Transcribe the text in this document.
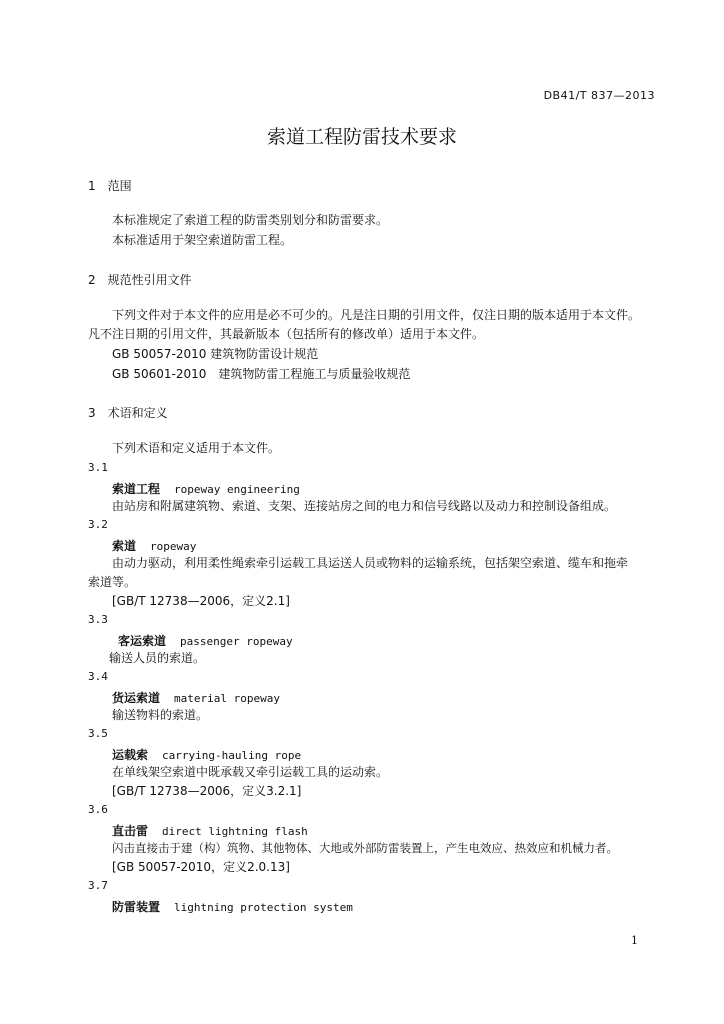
DB41/T 837—2013
索道工程防雷技术要求
1　范围
本标准规定了索道工程的防雷类别划分和防雷要求。
本标准适用于架空索道防雷工程。
2　规范性引用文件
下列文件对于本文件的应用是必不可少的。凡是注日期的引用文件，仅注日期的版本适用于本文件。
凡不注日期的引用文件，其最新版本（包括所有的修改单）适用于本文件。
GB 50057-2010 建筑物防雷设计规范
GB 50601-2010　建筑物防雷工程施工与质量验收规范
3　术语和定义
下列术语和定义适用于本文件。
3.1
索道工程 ropeway engineering
由站房和附属建筑物、索道、支架、连接站房之间的电力和信号线路以及动力和控制设备组成。
3.2
索道 ropeway
由动力驱动，利用柔性绳索牵引运载工具运送人员或物料的运输系统，包括架空索道、缆车和拖牵
索道等。
[GB/T 12738—2006，定义2.1]
3.3
客运索道 passenger ropeway
输送人员的索道。
3.4
货运索道 material ropeway
输送物料的索道。
3.5
运载索 carrying-hauling rope
在单线架空索道中既承载又牵引运载工具的运动索。
[GB/T 12738—2006，定义3.2.1]
3.6
直击雷 direct lightning flash
闪击直接击于建（构）筑物、其他物体、大地或外部防雷装置上，产生电效应、热效应和机械力者。
[GB 50057-2010，定义2.0.13]
3.7
防雷装置 lightning protection system
1
